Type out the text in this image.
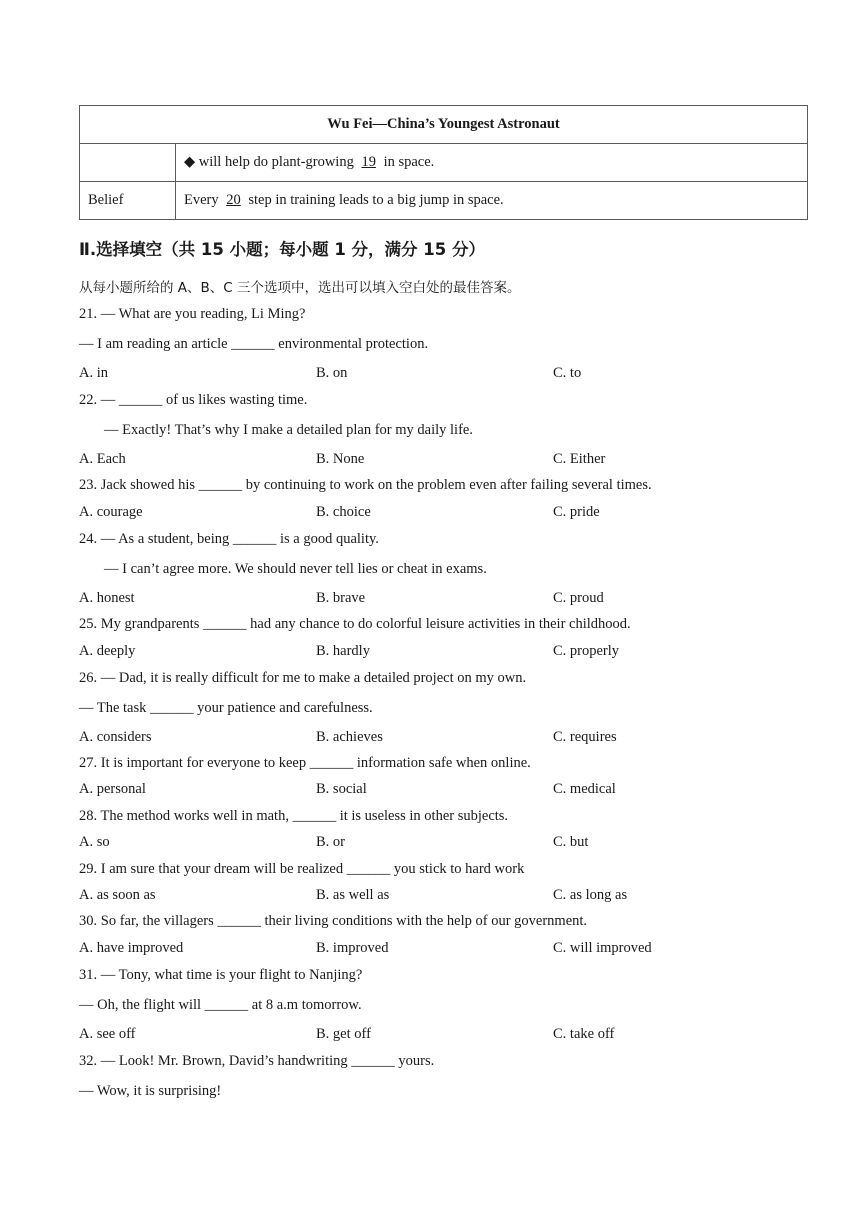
Wu Fei—China’s Youngest Astronaut	
	◆ will help do plant-growing 19 in space.
Belief	Every 20 step in training leads to a big jump in space.
Ⅱ.选择填空（共 15 小题；每小题 1 分，满分 15 分）
从每小题所给的 A、B、C 三个选项中，选出可以填入空白处的最佳答案。
21. — What are you reading, Li Ming?
— I am reading an article ______ environmental protection.
A. in	B. on	C. to
22. — ______ of us likes wasting time.
— Exactly! That’s why I make a detailed plan for my daily life.
A. Each	B. None	C. Either
23. Jack showed his ______ by continuing to work on the problem even after failing several times.
A. courage	B. choice	C. pride
24. — As a student, being ______ is a good quality.
— I can’t agree more. We should never tell lies or cheat in exams.
A. honest	B. brave	C. proud
25. My grandparents ______ had any chance to do colorful leisure activities in their childhood.
A. deeply	B. hardly	C. properly
26. — Dad, it is really difficult for me to make a detailed project on my own.
— The task ______ your patience and carefulness.
A. considers	B. achieves	C. requires
27. It is important for everyone to keep ______ information safe when online.
A. personal	B. social	C. medical
28. The method works well in math, ______ it is useless in other subjects.
A. so	B. or	C. but
29. I am sure that your dream will be realized ______ you stick to hard work
A. as soon as	B. as well as	C. as long as
30. So far, the villagers ______ their living conditions with the help of our government.
A. have improved	B. improved	C. will improved
31. — Tony, what time is your flight to Nanjing?
— Oh, the flight will ______ at 8 a.m tomorrow.
A. see off	B. get off	C. take off
32. — Look! Mr. Brown, David’s handwriting ______ yours.
— Wow, it is surprising!
